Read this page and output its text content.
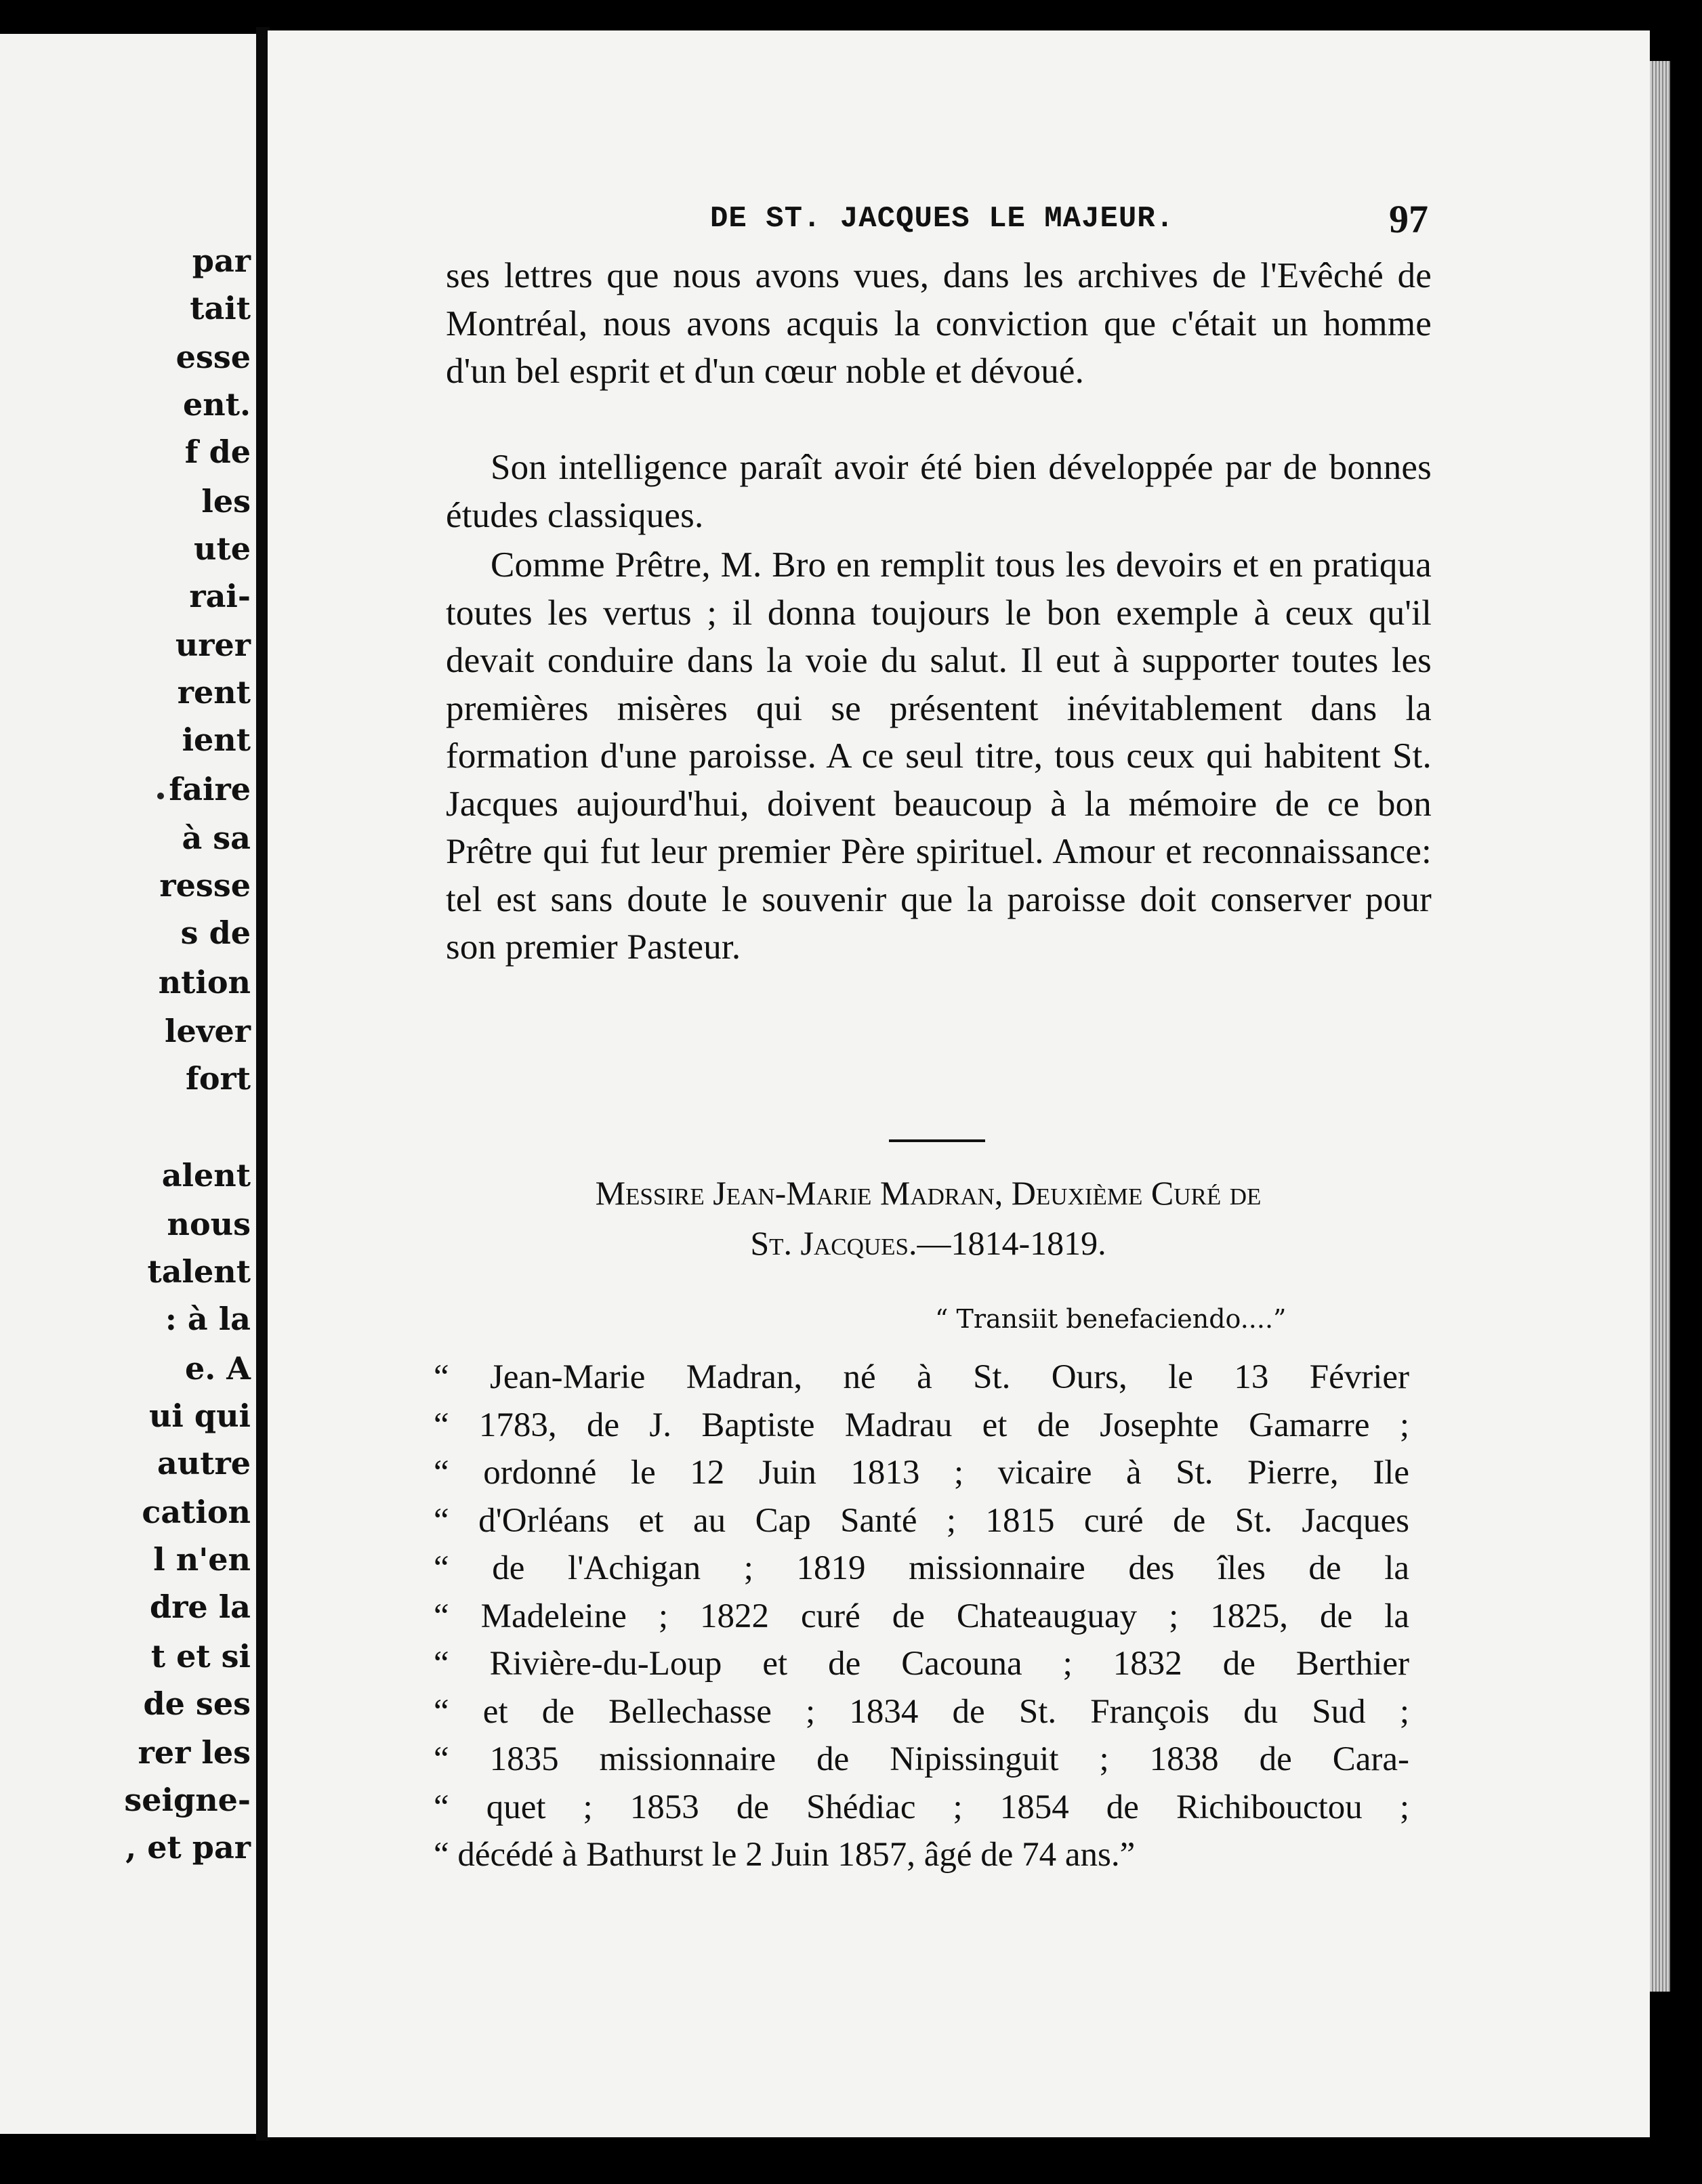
par
tait
esse
ent.
f de
les
ute
rai-
urer
rent
ient
faire
à sa
resse
s de
ntion
lever
fort
alent
nous
talent
: à la
e. A
ui qui
autre
cation
l n'en
dre la
t et si
de ses
rer les
seigne-
, et par
DE ST. JACQUES LE MAJEUR.	97
ses lettres que nous avons vues, dans les archives de l'Evêché de Montréal, nous avons acquis la conviction que c'était un homme d'un bel esprit et d'un cœur noble et dévoué.
Son intelligence paraît avoir été bien développée par de bonnes études classiques.
Comme Prêtre, M. Bro en remplit tous les devoirs et en pratiqua toutes les vertus ; il donna toujours le bon exemple à ceux qu'il devait conduire dans la voie du salut. Il eut à supporter toutes les premières misères qui se présentent inévitablement dans la formation d'une paroisse. A ce seul titre, tous ceux qui habitent St. Jacques aujourd'hui, doivent beaucoup à la mémoire de ce bon Prêtre qui fut leur premier Père spirituel. Amour et reconnaissance: tel est sans doute le souvenir que la paroisse doit conserver pour son premier Pasteur.
Messire Jean-Marie Madran, Deuxième Curé de
St. Jacques.—1814-1819.
“ Transiit benefaciendo....”
“ Jean-Marie Madran, né à St. Ours, le 13 Février
“ 1783, de J. Baptiste Madrau et de Josephte Gamarre ;
“ ordonné le 12 Juin 1813 ; vicaire à St. Pierre, Ile
“ d'Orléans et au Cap Santé ; 1815 curé de St. Jacques
“ de l'Achigan ; 1819 missionnaire des îles de la
“ Madeleine ; 1822 curé de Chateauguay ; 1825, de la
“ Rivière-du-Loup et de Cacouna ; 1832 de Berthier
“ et de Bellechasse ; 1834 de St. François du Sud ;
“ 1835 missionnaire de Nipissinguit ; 1838 de Cara-
“ quet ; 1853 de Shédiac ; 1854 de Richibouctou ;
“ décédé à Bathurst le 2 Juin 1857, âgé de 74 ans.”
